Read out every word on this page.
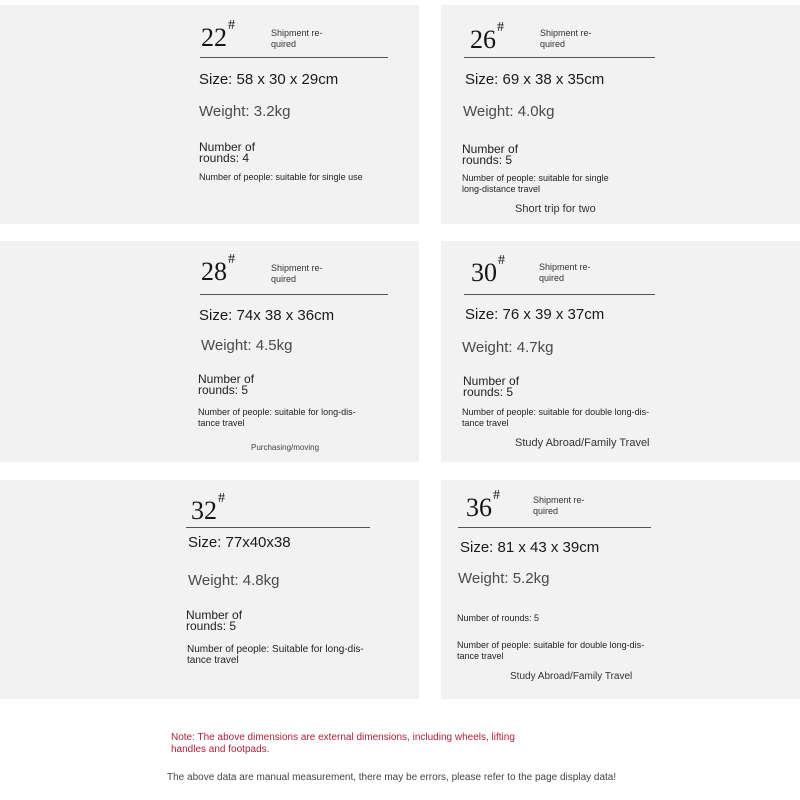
22#	Shipment re-quired
Size: 58 x 30 x 29cm
Weight: 3.2kg
Number of rounds: 4
Number of people: suitable for single use
26#	Shipment re-quired
Size: 69 x 38 x 35cm
Weight: 4.0kg
Number of rounds: 5
Number of people: suitable for single long-distance travel
Short trip for two
28#
Shipment re-quired
Size: 74x 38 x 36cm
Weight: 4.5kg
Number of rounds: 5
Number of people: suitable for long-dis-tance travel
Purchasing/moving
30#	Shipment re-quired
Size: 76 x 39 x 37cm
Weight: 4.7kg
Number of rounds: 5
Number of people: suitable for double long-dis-tance travel
Study Abroad/Family Travel
32#
Size: 77x40x38
Weight: 4.8kg
Number of rounds: 5
Number of people: Suitable for long-dis-tance travel
36#	Shipment re-quired
Size: 81 x 43 x 39cm
Weight: 5.2kg
Number of rounds: 5
Number of people: suitable for double long-dis-tance travel
Study Abroad/Family Travel
Note: The above dimensions are external dimensions, including wheels, lifting handles and footpads.
The above data are manual measurement, there may be errors, please refer to the page display data!
